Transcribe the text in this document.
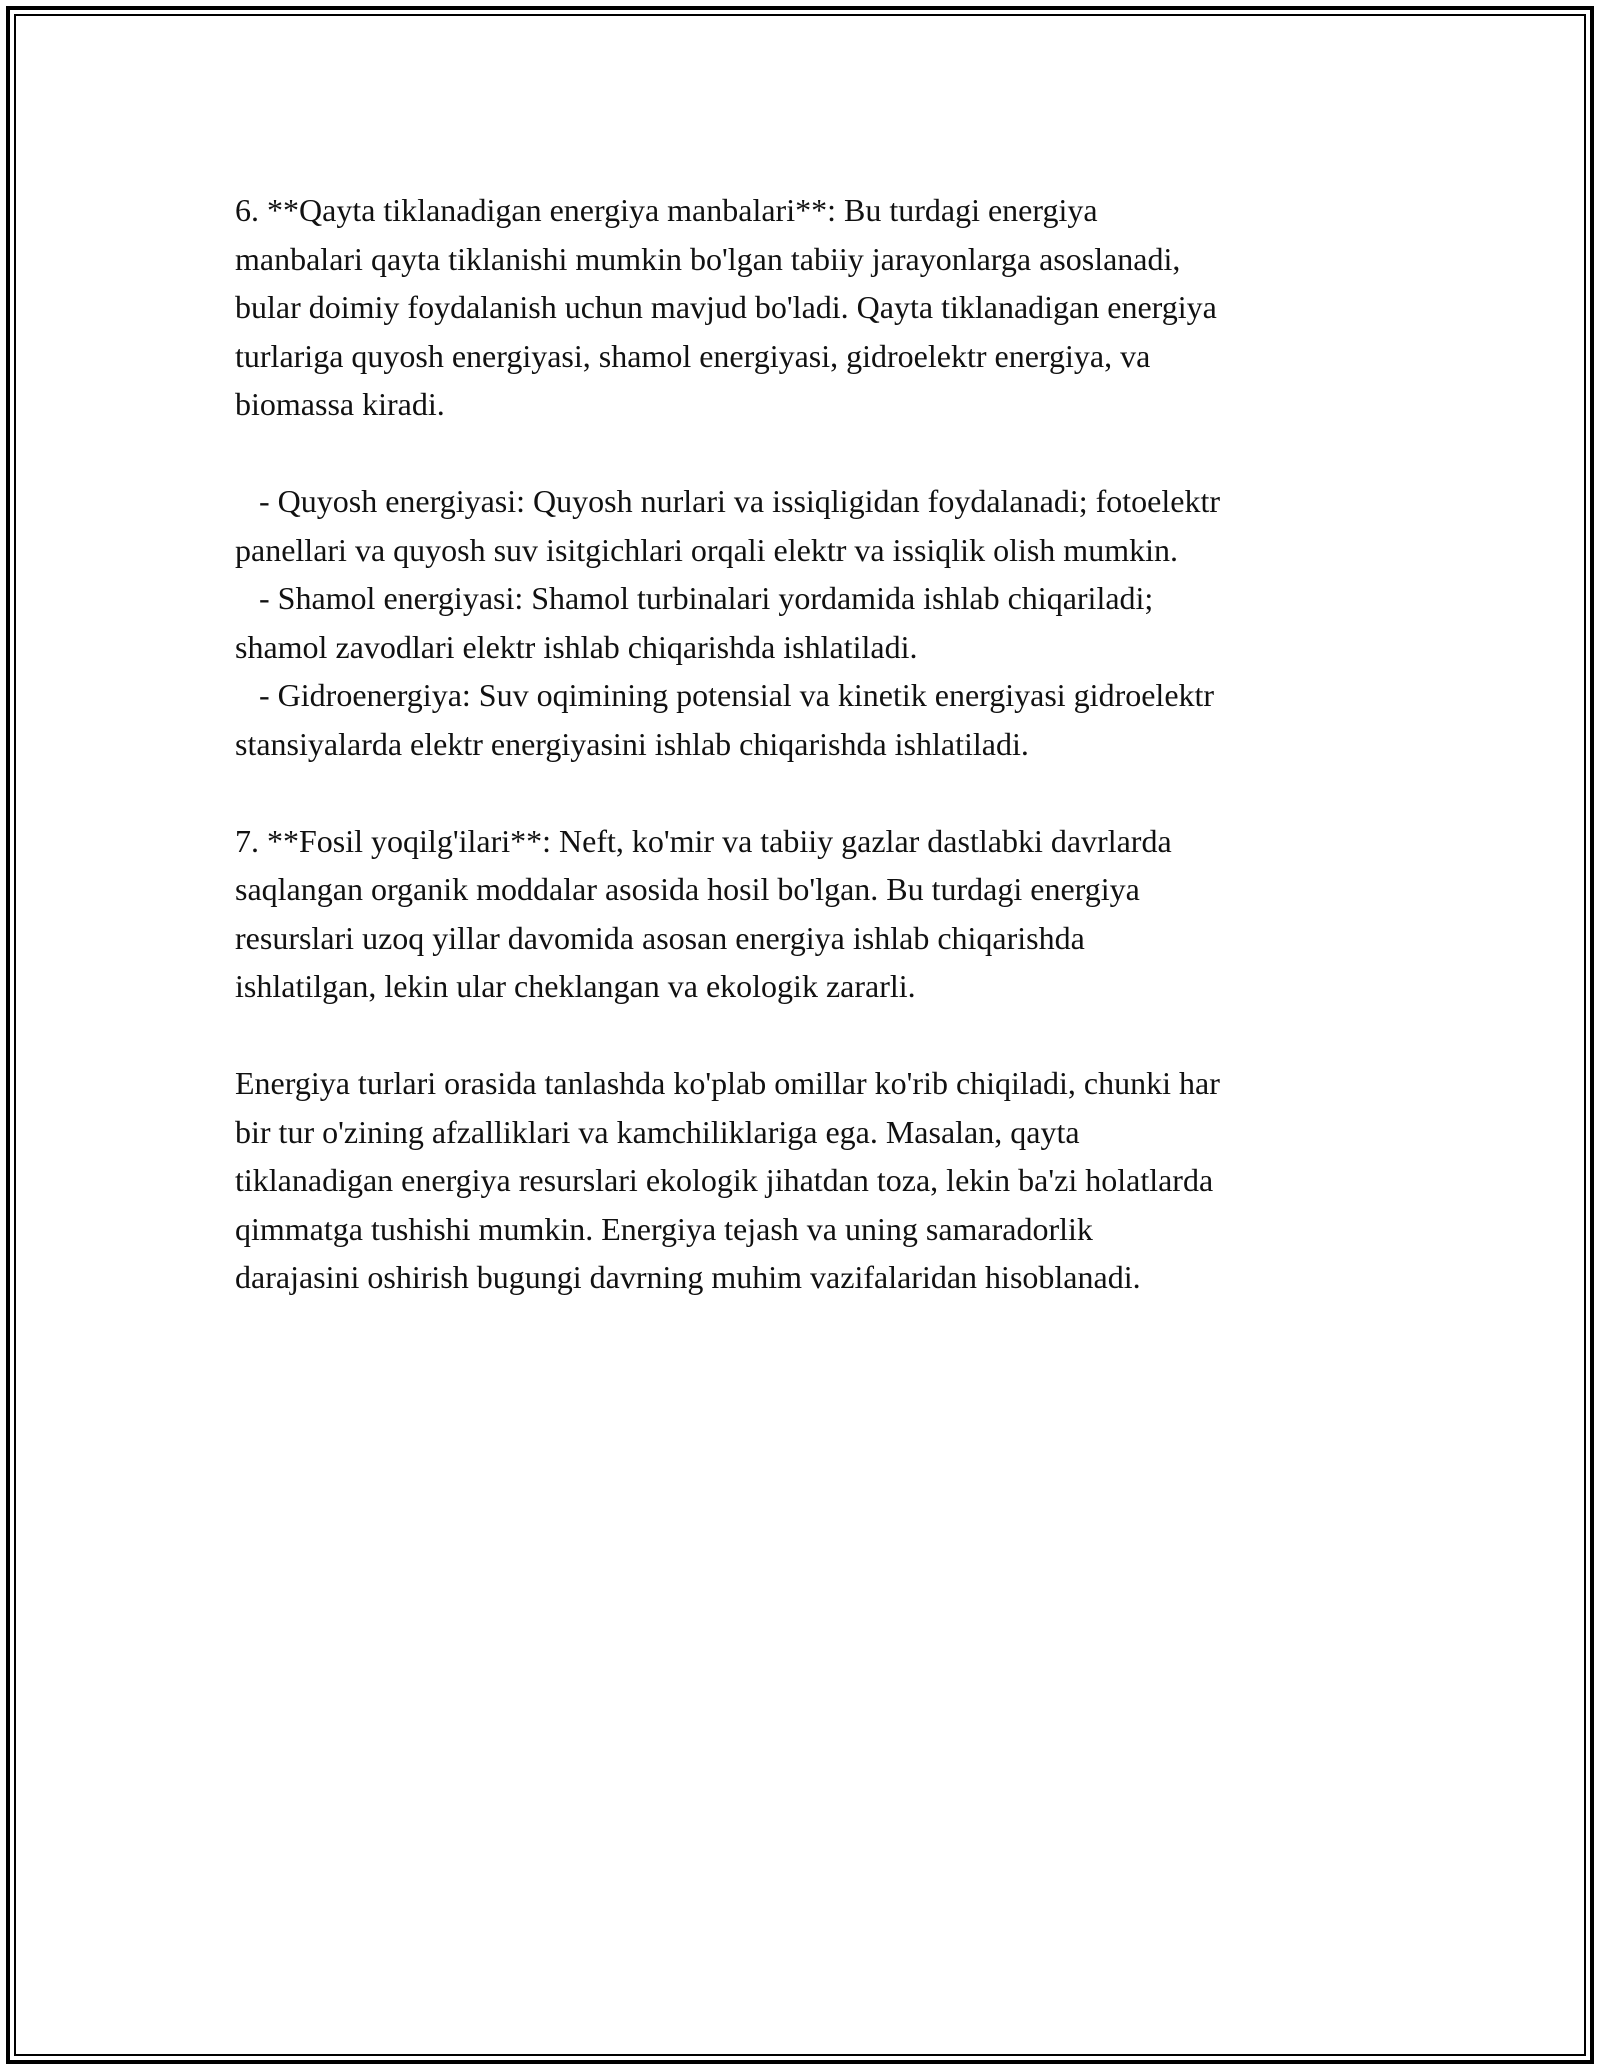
6. **Qayta tiklanadigan energiya manbalari**: Bu turdagi energiya
manbalari qayta tiklanishi mumkin bo'lgan tabiiy jarayonlarga asoslanadi,
bular doimiy foydalanish uchun mavjud bo'ladi. Qayta tiklanadigan energiya
turlariga quyosh energiyasi, shamol energiyasi, gidroelektr energiya, va
biomassa kiradi.
- Quyosh energiyasi: Quyosh nurlari va issiqligidan foydalanadi; fotoelektr
panellari va quyosh suv isitgichlari orqali elektr va issiqlik olish mumkin.
- Shamol energiyasi: Shamol turbinalari yordamida ishlab chiqariladi;
shamol zavodlari elektr ishlab chiqarishda ishlatiladi.
- Gidroenergiya: Suv oqimining potensial va kinetik energiyasi gidroelektr
stansiyalarda elektr energiyasini ishlab chiqarishda ishlatiladi.
7. **Fosil yoqilg'ilari**: Neft, ko'mir va tabiiy gazlar dastlabki davrlarda
saqlangan organik moddalar asosida hosil bo'lgan. Bu turdagi energiya
resurslari uzoq yillar davomida asosan energiya ishlab chiqarishda
ishlatilgan, lekin ular cheklangan va ekologik zararli.
Energiya turlari orasida tanlashda ko'plab omillar ko'rib chiqiladi, chunki har
bir tur o'zining afzalliklari va kamchiliklariga ega. Masalan, qayta
tiklanadigan energiya resurslari ekologik jihatdan toza, lekin ba'zi holatlarda
qimmatga tushishi mumkin. Energiya tejash va uning samaradorlik
darajasini oshirish bugungi davrning muhim vazifalaridan hisoblanadi.
